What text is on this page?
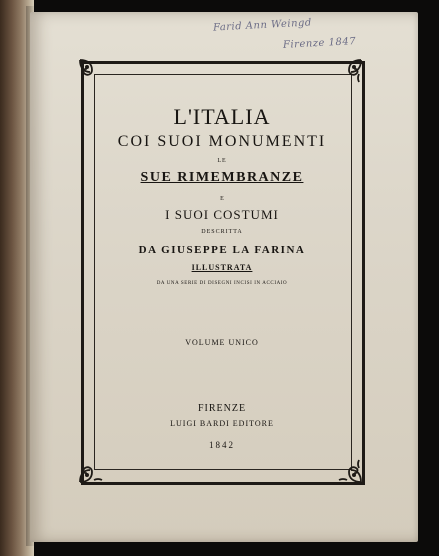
Farid Ann Weingd
Firenze 1847
L'ITALIA
COI SUOI MONUMENTI
LE
SUE RIMEMBRANZE
E
I SUOI COSTUMI
DESCRITTA
DA GIUSEPPE LA FARINA
ILLUSTRATA
DA UNA SERIE DI DISEGNI INCISI IN ACCIAIO
VOLUME UNICO
FIRENZE
LUIGI BARDI EDITORE
1842
